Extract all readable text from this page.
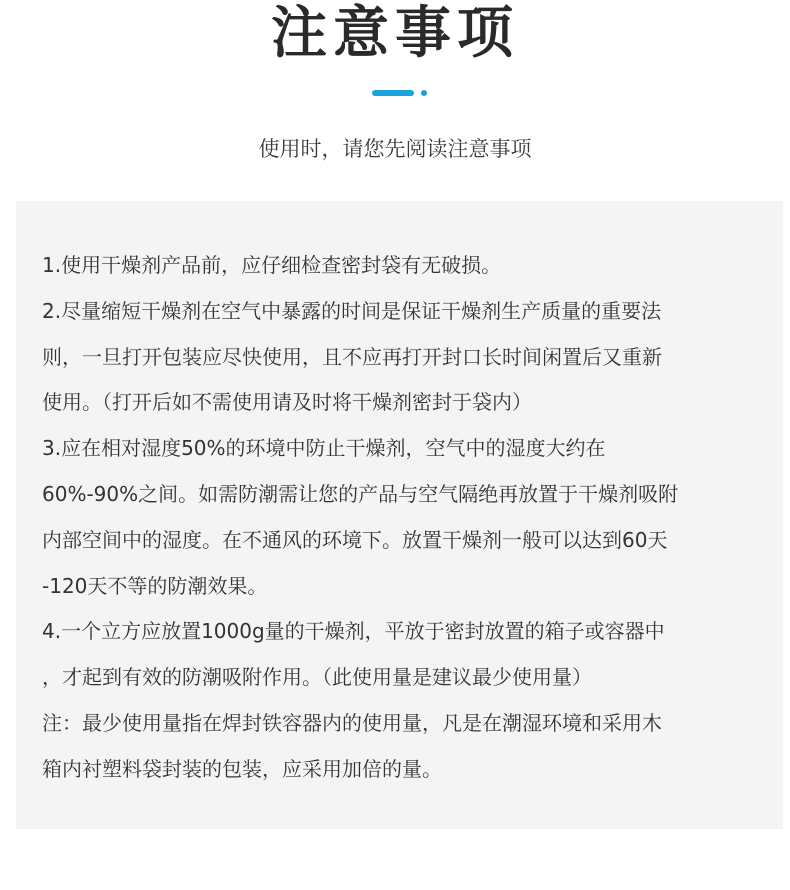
注意事项
使用时，请您先阅读注意事项
1.使用干燥剂产品前，应仔细检查密封袋有无破损。
2.尽量缩短干燥剂在空气中暴露的时间是保证干燥剂生产质量的重要法
则，一旦打开包装应尽快使用，且不应再打开封口长时间闲置后又重新
使用。（打开后如不需使用请及时将干燥剂密封于袋内）
3.应在相对湿度50%的环境中防止干燥剂，空气中的湿度大约在
60%-90%之间。如需防潮需让您的产品与空气隔绝再放置于干燥剂吸附
内部空间中的湿度。在不通风的环境下。放置干燥剂一般可以达到60天
-120天不等的防潮效果。
4.一个立方应放置1000g量的干燥剂，平放于密封放置的箱子或容器中
，才起到有效的防潮吸附作用。（此使用量是建议最少使用量）
注：最少使用量指在焊封铁容器内的使用量，凡是在潮湿环境和采用木
箱内衬塑料袋封装的包装，应采用加倍的量。
